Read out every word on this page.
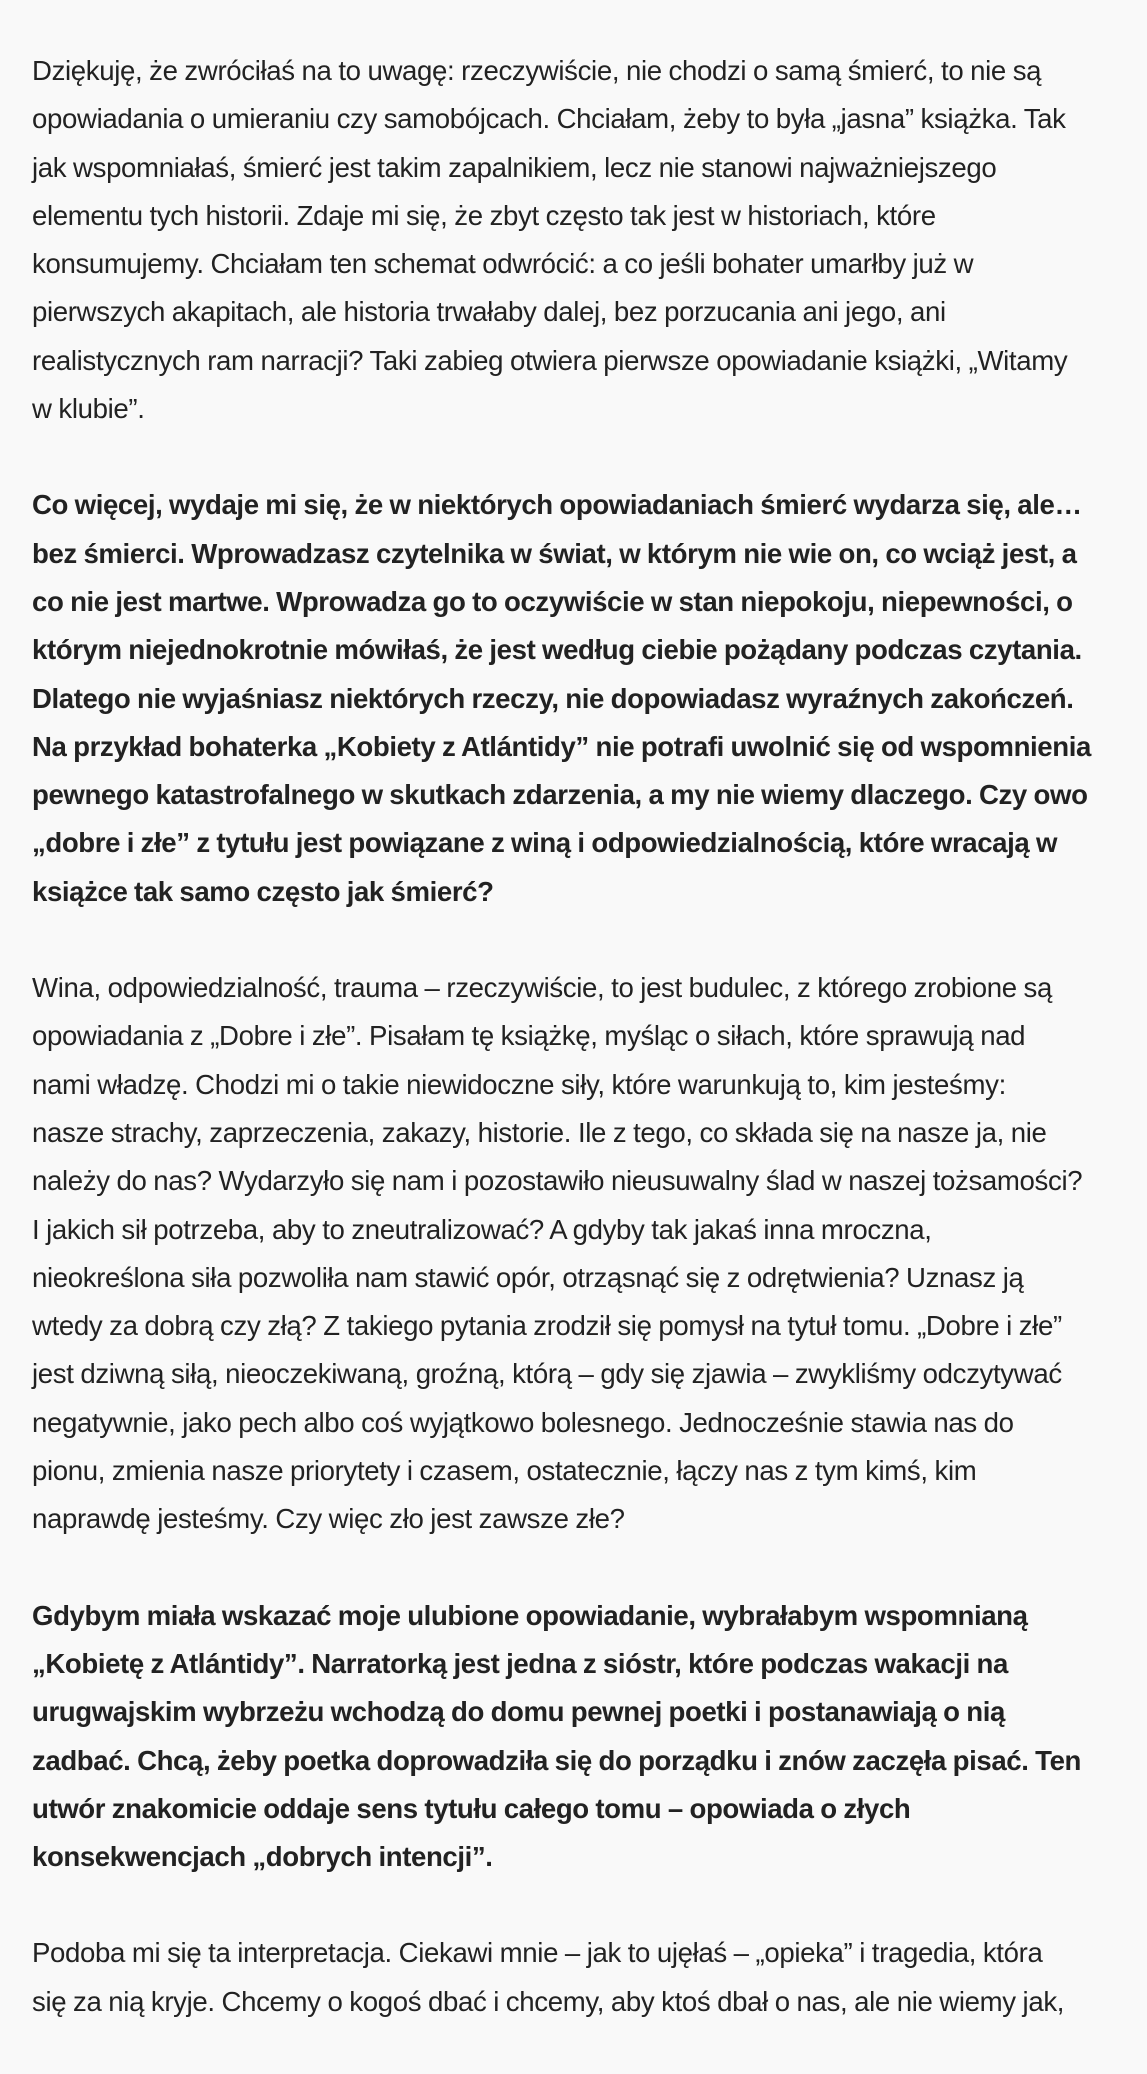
Dziękuję, że zwróciłaś na to uwagę: rzeczywiście, nie chodzi o samą śmierć, to nie są
opowiadania o umieraniu czy samobójcach. Chciałam, żeby to była „jasna” książka. Tak
jak wspomniałaś, śmierć jest takim zapalnikiem, lecz nie stanowi najważniejszego
elementu tych historii. Zdaje mi się, że zbyt często tak jest w historiach, które
konsumujemy. Chciałam ten schemat odwrócić: a co jeśli bohater umarłby już w
pierwszych akapitach, ale historia trwałaby dalej, bez porzucania ani jego, ani
realistycznych ram narracji? Taki zabieg otwiera pierwsze opowiadanie książki, „Witamy
w klubie”.

Co więcej, wydaje mi się, że w niektórych opowiadaniach śmierć wydarza się, ale…
bez śmierci. Wprowadzasz czytelnika w świat, w którym nie wie on, co wciąż jest, a
co nie jest martwe. Wprowadza go to oczywiście w stan niepokoju, niepewności, o
którym niejednokrotnie mówiłaś, że jest według ciebie pożądany podczas czytania.
Dlatego nie wyjaśniasz niektórych rzeczy, nie dopowiadasz wyraźnych zakończeń.
Na przykład bohaterka „Kobiety z Atlántidy” nie potrafi uwolnić się od wspomnienia
pewnego katastrofalnego w skutkach zdarzenia, a my nie wiemy dlaczego. Czy owo
„dobre i złe” z tytułu jest powiązane z winą i odpowiedzialnością, które wracają w
książce tak samo często jak śmierć?

Wina, odpowiedzialność, trauma – rzeczywiście, to jest budulec, z którego zrobione są
opowiadania z „Dobre i złe”. Pisałam tę książkę, myśląc o siłach, które sprawują nad
nami władzę. Chodzi mi o takie niewidoczne siły, które warunkują to, kim jesteśmy:
nasze strachy, zaprzeczenia, zakazy, historie. Ile z tego, co składa się na nasze ja, nie
należy do nas? Wydarzyło się nam i pozostawiło nieusuwalny ślad w naszej tożsamości?
I jakich sił potrzeba, aby to zneutralizować? A gdyby tak jakaś inna mroczna,
nieokreślona siła pozwoliła nam stawić opór, otrząsnąć się z odrętwienia? Uznasz ją
wtedy za dobrą czy złą? Z takiego pytania zrodził się pomysł na tytuł tomu. „Dobre i złe”
jest dziwną siłą, nieoczekiwaną, groźną, którą – gdy się zjawia – zwykliśmy odczytywać
negatywnie, jako pech albo coś wyjątkowo bolesnego. Jednocześnie stawia nas do
pionu, zmienia nasze priorytety i czasem, ostatecznie, łączy nas z tym kimś, kim
naprawdę jesteśmy. Czy więc zło jest zawsze złe?

Gdybym miała wskazać moje ulubione opowiadanie, wybrałabym wspomnianą
„Kobietę z Atlántidy”. Narratorką jest jedna z sióstr, które podczas wakacji na
urugwajskim wybrzeżu wchodzą do domu pewnej poetki i postanawiają o nią
zadbać. Chcą, żeby poetka doprowadziła się do porządku i znów zaczęła pisać. Ten
utwór znakomicie oddaje sens tytułu całego tomu – opowiada o złych
konsekwencjach „dobrych intencji”.

Podoba mi się ta interpretacja. Ciekawi mnie – jak to ujęłaś – „opieka” i tragedia, która
się za nią kryje. Chcemy o kogoś dbać i chcemy, aby ktoś dbał o nas, ale nie wiemy jak,
